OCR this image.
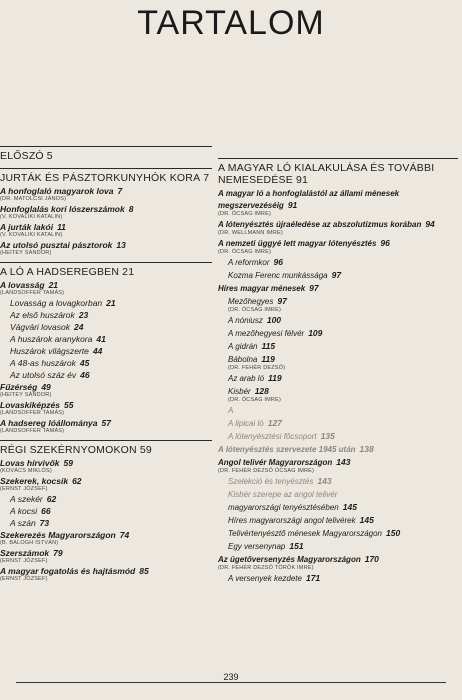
TARTALOM
ELŐSZÓ 5
JURTÁK ÉS PÁSZTORKUNYHÓK KORA 7
A honfoglaló magyarok lova 7
(DR. MATOLCSI JÁNOS)
Honfoglalás kori lószerszámok 8
(V. KOVALIKI KATALIN)
A jurták lakói 11
(V. KOVALIKI KATALIN)
Az utolsó pusztai pásztorok 13
(HEITEY SÁNDOR)
A LÓ A HADSEREGBEN 21
A lovasság 21
(LANDSOFFER TAMÁS)
Lovasság a lovagkorban 21
Az első huszárok 23
Vágvári lovasok 24
A huszárok aranykora 41
Huszárok világszerte 44
A 48-as huszárok 45
Az utolsó száz év 46
Fűzérség 49
(HEITEY SÁNDOR)
Lovaskiképzés 55
(LANDSOFFER TAMÁS)
A hadsereg lóállománya 57
(LANDSOFFER TAMÁS)
RÉGI SZEKÉRNYOMOKON 59
Lovas hírvivők 59
(KOVÁCS MIKLÓS)
Szekerek, kocsik 62
(ERNST JÓZSEF)
A szekér 62
A kocsi 66
A szán 73
Szekerezés Magyarországon 74
(B. BALOGH ISTVÁN)
Szerszámok 79
(ERNST JÓZSEF)
A magyar fogatolás és hajtásmód 85
(ERNST JÓZSEF)
A MAGYAR LÓ KIALAKULÁSA ÉS TOVÁBBI NEMESEDÉSE 91
A magyar ló a honfoglalástól az állami ménesek megszervezéséig 91
(DR. ÓCSAG IMRE)
A lótenyésztés újraéledése az abszolutizmus korában 94
(DR. WELLMANN IMRE)
A nemzeti üggyé lett magyar lótenyésztés 96
(DR. ÓCSAG IMRE)
A reformkor 96
Kozma Ferenc munkássága 97
Híres magyar ménesek 97
Mezőhegyes 97
(DR. ÓCSAG IMRE)
A nóniusz 100
A mezőhegyesi félvér 109
A gidrán 115
Bábolna 119
(DR. FEHÉR DEZSŐ)
Az arab ló 119
Kisbér 128
(DR. ÓCSAG IMRE)
A
A lipicai ló 127
A lótenyésztési főcsoport 135
A lótenyésztés szervezete 1945 után 138
Angol telivér Magyarországon 143
(DR. FEHÉR DEZSŐ ÓCSAG IMRE)
Szelekció és tenyésztés 143
Kisbér szerepe az angol telivér
magyarországi tenyésztésében 145
Híres magyarországi angol telivérek 145
Telivértenyésztő ménesek Magyarországon 150
Egy versenynap 151
Az ügetőversenyzés Magyarországon 170
(DR. FEHÉR DEZSŐ TÖRÖK IMRE)
A versenyek kezdete 171
239
